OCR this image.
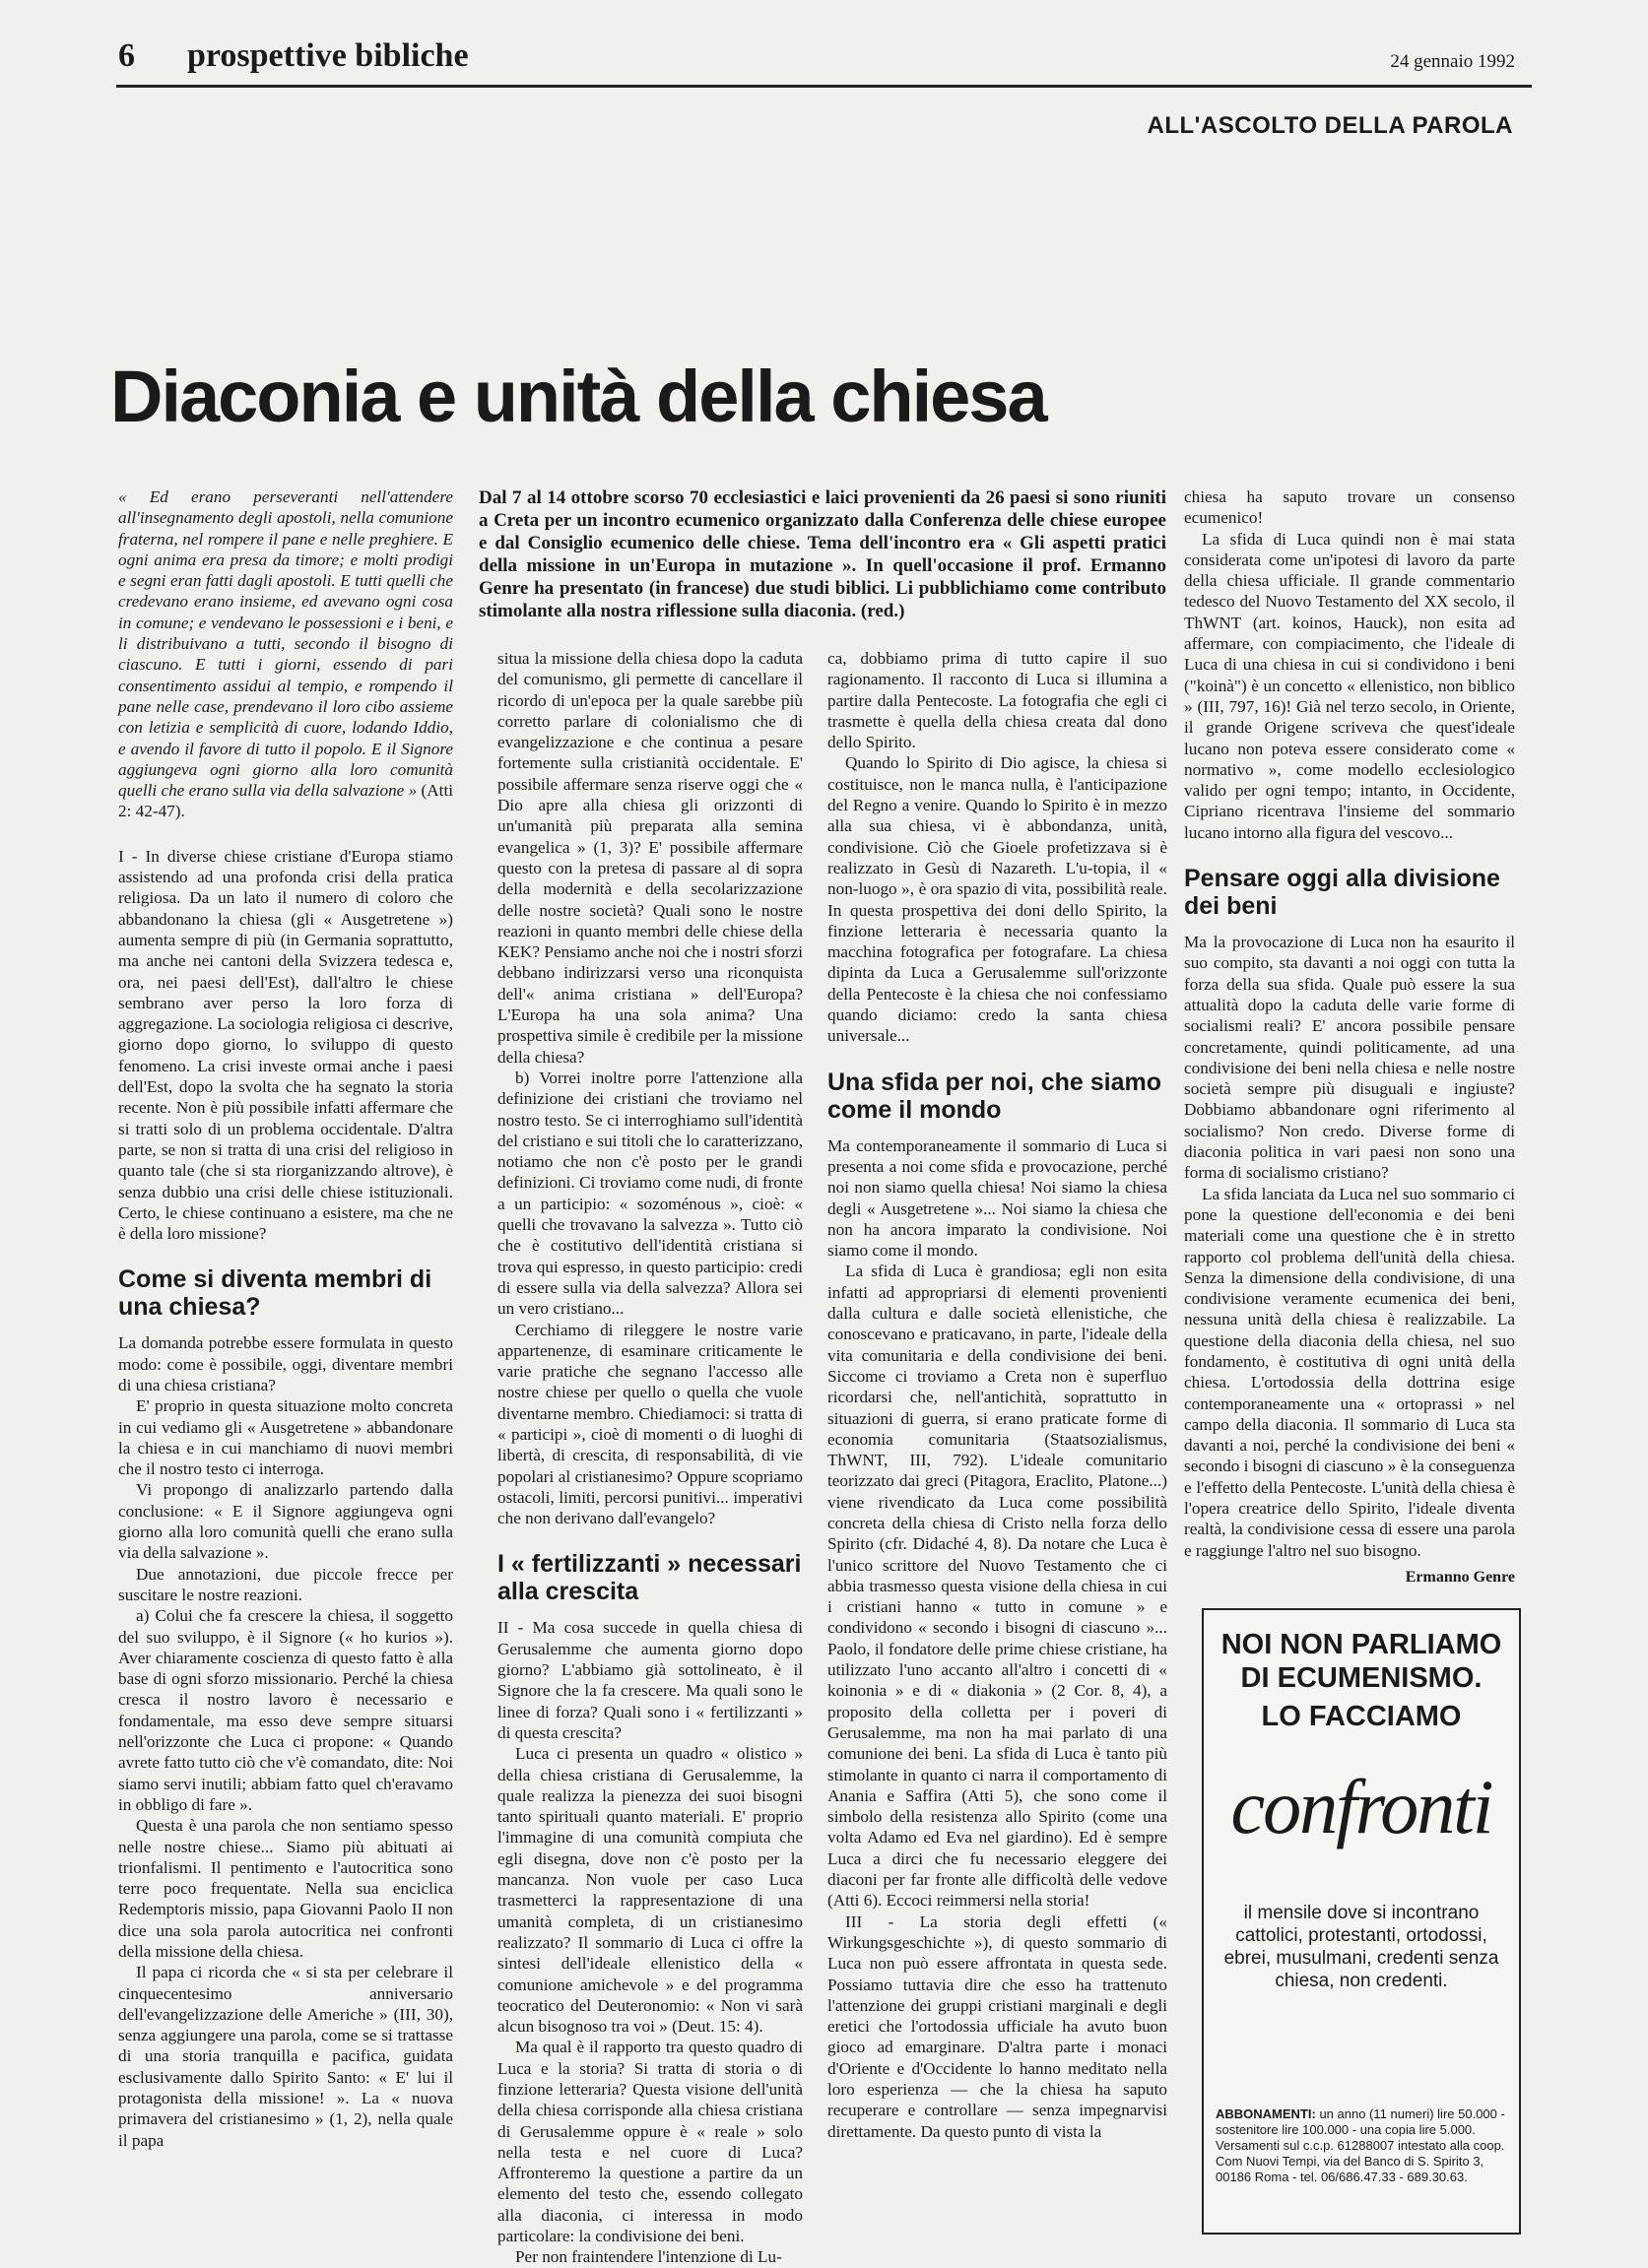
6 prospettive bibliche	24 gennaio 1992
ALL'ASCOLTO DELLA PAROLA
Diaconia e unità della chiesa
Dal 7 al 14 ottobre scorso 70 ecclesiastici e laici provenienti da 26 paesi si sono riuniti a Creta per un incontro ecumenico organizzato dalla Conferenza delle chiese europee e dal Consiglio ecumenico delle chiese. Tema dell'incontro era « Gli aspetti pratici della missione in un'Europa in mutazione ». In quell'occasione il prof. Ermanno Genre ha presentato (in francese) due studi biblici. Li pubblichiamo come contributo stimolante alla nostra riflessione sulla diaconia. (red.)

« Ed erano perseveranti nell'attendere all'insegnamento degli apostoli, nella comunione fraterna, nel rompere il pane e nelle preghiere. E ogni anima era presa da timore; e molti prodigi e segni eran fatti dagli apostoli. E tutti quelli che credevano erano insieme, ed avevano ogni cosa in comune; e vendevano le possessioni e i beni, e li distribuivano a tutti, secondo il bisogno di ciascuno. E tutti i giorni, essendo di pari consentimento assidui al tempio, e rompendo il pane nelle case, prendevano il loro cibo assieme con letizia e semplicità di cuore, lodando Iddio, e avendo il favore di tutto il popolo. E il Signore aggiungeva ogni giorno alla loro comunità quelli che erano sulla via della salvazione » (Atti 2: 42-47).

I - In diverse chiese cristiane d'Europa stiamo assistendo ad una profonda crisi della pratica religiosa. Da un lato il numero di coloro che abbandonano la chiesa (gli « Ausgetretene ») aumenta sempre di più (in Germania soprattutto, ma anche nei cantoni della Svizzera tedesca e, ora, nei paesi dell'Est), dall'altro le chiese sembrano aver perso la loro forza di aggregazione. La sociologia religiosa ci descrive, giorno dopo giorno, lo sviluppo di questo fenomeno. La crisi investe ormai anche i paesi dell'Est, dopo la svolta che ha segnato la storia recente. Non è più possibile infatti affermare che si tratti solo di un problema occidentale. D'altra parte, se non si tratta di una crisi del religioso in quanto tale (che si sta riorganizzando altrove), è senza dubbio una crisi delle chiese istituzionali. Certo, le chiese continuano a esistere, ma che ne è della loro missione?

Come si diventa membri di una chiesa?

La domanda potrebbe essere formulata in questo modo: come è possibile, oggi, diventare membri di una chiesa cristiana?

E' proprio in questa situazione molto concreta in cui vediamo gli « Ausgetretene » abbandonare la chiesa e in cui manchiamo di nuovi membri che il nostro testo ci interroga.

Vi propongo di analizzarlo partendo dalla conclusione: « E il Signore aggiungeva ogni giorno alla loro comunità quelli che erano sulla via della salvazione ».

Due annotazioni, due piccole frecce per suscitare le nostre reazioni.

a) Colui che fa crescere la chiesa, il soggetto del suo sviluppo, è il Signore (« ho kurios »). Aver chiaramente coscienza di questo fatto è alla base di ogni sforzo missionario. Perché la chiesa cresca il nostro lavoro è necessario e fondamentale, ma esso deve sempre situarsi nell'orizzonte che Luca ci propone: « Quando avrete fatto tutto ciò che v'è comandato, dite: Noi siamo servi inutili; abbiam fatto quel ch'eravamo in obbligo di fare ».

Questa è una parola che non sentiamo spesso nelle nostre chiese... Siamo più abituati ai trionfalismi. Il pentimento e l'autocritica sono terre poco frequentate. Nella sua enciclica Redemptoris missio, papa Giovanni Paolo II non dice una sola parola autocritica nei confronti della missione della chiesa.

Il papa ci ricorda che « si sta per celebrare il cinquecentesimo anniversario dell'evangelizzazione delle Americhe » (III, 30), senza aggiungere una parola, come se si trattasse di una storia tranquilla e pacifica, guidata esclusivamente dallo Spirito Santo: « E' lui il protagonista della missione! ». La « nuova primavera del cristianesimo » (1, 2), nella quale il papa

situa la missione della chiesa dopo la caduta del comunismo, gli permette di cancellare il ricordo di un'epoca per la quale sarebbe più corretto parlare di colonialismo che di evangelizzazione e che continua a pesare fortemente sulla cristianità occidentale. E' possibile affermare senza riserve oggi che « Dio apre alla chiesa gli orizzonti di un'umanità più preparata alla semina evangelica » (1, 3)? E' possibile affermare questo con la pretesa di passare al di sopra della modernità e della secolarizzazione delle nostre società? Quali sono le nostre reazioni in quanto membri delle chiese della KEK? Pensiamo anche noi che i nostri sforzi debbano indirizzarsi verso una riconquista dell'« anima cristiana » dell'Europa? L'Europa ha una sola anima? Una prospettiva simile è credibile per la missione della chiesa?

b) Vorrei inoltre porre l'attenzione alla definizione dei cristiani che troviamo nel nostro testo. Se ci interroghiamo sull'identità del cristiano e sui titoli che lo caratterizzano, notiamo che non c'è posto per le grandi definizioni. Ci troviamo come nudi, di fronte a un participio: « sozoménous », cioè: « quelli che trovavano la salvezza ». Tutto ciò che è costitutivo dell'identità cristiana si trova qui espresso, in questo participio: credi di essere sulla via della salvezza? Allora sei un vero cristiano...

Cerchiamo di rileggere le nostre varie appartenenze, di esaminare criticamente le varie pratiche che segnano l'accesso alle nostre chiese per quello o quella che vuole diventarne membro. Chiediamoci: si tratta di « participi », cioè di momenti o di luoghi di libertà, di crescita, di responsabilità, di vie popolari al cristianesimo? Oppure scopriamo ostacoli, limiti, percorsi punitivi... imperativi che non derivano dall'evangelo?

I « fertilizzanti » necessari alla crescita

II - Ma cosa succede in quella chiesa di Gerusalemme che aumenta giorno dopo giorno? L'abbiamo già sottolineato, è il Signore che la fa crescere. Ma quali sono le linee di forza? Quali sono i « fertilizzanti » di questa crescita?

Luca ci presenta un quadro « olistico » della chiesa cristiana di Gerusalemme, la quale realizza la pienezza dei suoi bisogni tanto spirituali quanto materiali. E' proprio l'immagine di una comunità compiuta che egli disegna, dove non c'è posto per la mancanza. Non vuole per caso Luca trasmetterci la rappresentazione di una umanità completa, di un cristianesimo realizzato? Il sommario di Luca ci offre la sintesi dell'ideale ellenistico della « comunione amichevole » e del programma teocratico del Deuteronomio: « Non vi sarà alcun bisognoso tra voi » (Deut. 15: 4).

Ma qual è il rapporto tra questo quadro di Luca e la storia? Si tratta di storia o di finzione letteraria? Questa visione dell'unità della chiesa corrisponde alla chiesa cristiana di Gerusalemme oppure è « reale » solo nella testa e nel cuore di Luca? Affronteremo la questione a partire da un elemento del testo che, essendo collegato alla diaconia, ci interessa in modo particolare: la condivisione dei beni.

Per non fraintendere l'intenzione di Lu-

ca, dobbiamo prima di tutto capire il suo ragionamento. Il racconto di Luca si illumina a partire dalla Pentecoste. La fotografia che egli ci trasmette è quella della chiesa creata dal dono dello Spirito.

Quando lo Spirito di Dio agisce, la chiesa si costituisce, non le manca nulla, è l'anticipazione del Regno a venire. Quando lo Spirito è in mezzo alla sua chiesa, vi è abbondanza, unità, condivisione. Ciò che Gioele profetizzava si è realizzato in Gesù di Nazareth. L'u-topia, il « non-luogo », è ora spazio di vita, possibilità reale. In questa prospettiva dei doni dello Spirito, la finzione letteraria è necessaria quanto la macchina fotografica per fotografare. La chiesa dipinta da Luca a Gerusalemme sull'orizzonte della Pentecoste è la chiesa che noi confessiamo quando diciamo: credo la santa chiesa universale...

Una sfida per noi, che siamo come il mondo

Ma contemporaneamente il sommario di Luca si presenta a noi come sfida e provocazione, perché noi non siamo quella chiesa! Noi siamo la chiesa degli « Ausgetretene »... Noi siamo la chiesa che non ha ancora imparato la condivisione. Noi siamo come il mondo.

La sfida di Luca è grandiosa; egli non esita infatti ad appropriarsi di elementi provenienti dalla cultura e dalle società ellenistiche, che conoscevano e praticavano, in parte, l'ideale della vita comunitaria e della condivisione dei beni. Siccome ci troviamo a Creta non è superfluo ricordarsi che, nell'antichità, soprattutto in situazioni di guerra, si erano praticate forme di economia comunitaria (Staatsozialismus, ThWNT, III, 792). L'ideale comunitario teorizzato dai greci (Pitagora, Eraclito, Platone...) viene rivendicato da Luca come possibilità concreta della chiesa di Cristo nella forza dello Spirito (cfr. Didaché 4, 8). Da notare che Luca è l'unico scrittore del Nuovo Testamento che ci abbia trasmesso questa visione della chiesa in cui i cristiani hanno « tutto in comune » e condividono « secondo i bisogni di ciascuno »... Paolo, il fondatore delle prime chiese cristiane, ha utilizzato l'uno accanto all'altro i concetti di « koinonia » e di « diakonia » (2 Cor. 8, 4), a proposito della colletta per i poveri di Gerusalemme, ma non ha mai parlato di una comunione dei beni. La sfida di Luca è tanto più stimolante in quanto ci narra il comportamento di Anania e Saffira (Atti 5), che sono come il simbolo della resistenza allo Spirito (come una volta Adamo ed Eva nel giardino). Ed è sempre Luca a dirci che fu necessario eleggere dei diaconi per far fronte alle difficoltà delle vedove (Atti 6). Eccoci reimmersi nella storia!

III - La storia degli effetti (« Wirkungsgeschichte »), di questo sommario di Luca non può essere affrontata in questa sede. Possiamo tuttavia dire che esso ha trattenuto l'attenzione dei gruppi cristiani marginali e degli eretici che l'ortodossia ufficiale ha avuto buon gioco ad emarginare. D'altra parte i monaci d'Oriente e d'Occidente lo hanno meditato nella loro esperienza — che la chiesa ha saputo recuperare e controllare — senza impegnarvisi direttamente. Da questo punto di vista la

chiesa ha saputo trovare un consenso ecumenico!

La sfida di Luca quindi non è mai stata considerata come un'ipotesi di lavoro da parte della chiesa ufficiale. Il grande commentario tedesco del Nuovo Testamento del XX secolo, il ThWNT (art. koinos, Hauck), non esita ad affermare, con compiacimento, che l'ideale di Luca di una chiesa in cui si condividono i beni ("koinà") è un concetto « ellenistico, non biblico » (III, 797, 16)! Già nel terzo secolo, in Oriente, il grande Origene scriveva che quest'ideale lucano non poteva essere considerato come « normativo », come modello ecclesiologico valido per ogni tempo; intanto, in Occidente, Cipriano ricentrava l'insieme del sommario lucano intorno alla figura del vescovo...

Pensare oggi alla divisione dei beni

Ma la provocazione di Luca non ha esaurito il suo compito, sta davanti a noi oggi con tutta la forza della sua sfida. Quale può essere la sua attualità dopo la caduta delle varie forme di socialismi reali? E' ancora possibile pensare concretamente, quindi politicamente, ad una condivisione dei beni nella chiesa e nelle nostre società sempre più disuguali e ingiuste? Dobbiamo abbandonare ogni riferimento al socialismo? Non credo. Diverse forme di diaconia politica in vari paesi non sono una forma di socialismo cristiano?

La sfida lanciata da Luca nel suo sommario ci pone la questione dell'economia e dei beni materiali come una questione che è in stretto rapporto col problema dell'unità della chiesa. Senza la dimensione della condivisione, di una condivisione veramente ecumenica dei beni, nessuna unità della chiesa è realizzabile. La questione della diaconia della chiesa, nel suo fondamento, è costitutiva di ogni unità della chiesa. L'ortodossia della dottrina esige contemporaneamente una « ortoprassi » nel campo della diaconia. Il sommario di Luca sta davanti a noi, perché la condivisione dei beni « secondo i bisogni di ciascuno » è la conseguenza e l'effetto della Pentecoste. L'unità della chiesa è l'opera creatrice dello Spirito, l'ideale diventa realtà, la condivisione cessa di essere una parola e raggiunge l'altro nel suo bisogno.

Ermanno Genre

NOI NON PARLIAMO DI ECUMENISMO.
LO FACCIAMO
confronti
il mensile dove si incontrano cattolici, protestanti, ortodossi, ebrei, musulmani, credenti senza chiesa, non credenti.
ABBONAMENTI: un anno (11 numeri) lire 50.000 - sostenitore lire 100.000 - una copia lire 5.000. Versamenti sul c.c.p. 61288007 intestato alla coop. Com Nuovi Tempi, via del Banco di S. Spirito 3, 00186 Roma - tel. 06/686.47.33 - 689.30.63.
